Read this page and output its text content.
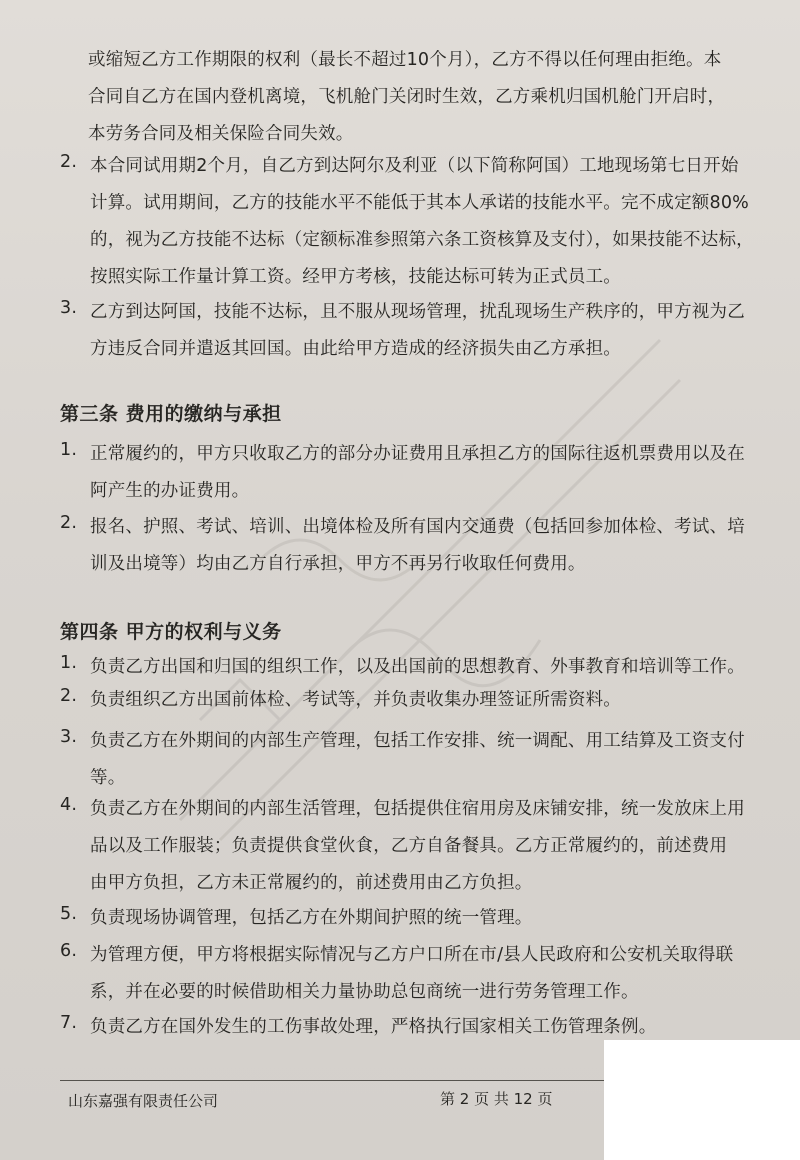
或缩短乙方工作期限的权利（最长不超过10个月），乙方不得以任何理由拒绝。本
合同自乙方在国内登机离境，飞机舱门关闭时生效，乙方乘机归国机舱门开启时，
本劳务合同及相关保险合同失效。
2. 本合同试用期2个月，自乙方到达阿尔及利亚（以下简称阿国）工地现场第七日开始
计算。试用期间，乙方的技能水平不能低于其本人承诺的技能水平。完不成定额80%
的，视为乙方技能不达标（定额标准参照第六条工资核算及支付），如果技能不达标，
按照实际工作量计算工资。经甲方考核，技能达标可转为正式员工。
3. 乙方到达阿国，技能不达标，且不服从现场管理，扰乱现场生产秩序的，甲方视为乙
方违反合同并遣返其回国。由此给甲方造成的经济损失由乙方承担。
第三条 费用的缴纳与承担
1. 正常履约的，甲方只收取乙方的部分办证费用且承担乙方的国际往返机票费用以及在
阿产生的办证费用。
2. 报名、护照、考试、培训、出境体检及所有国内交通费（包括回参加体检、考试、培
训及出境等）均由乙方自行承担，甲方不再另行收取任何费用。
第四条 甲方的权利与义务
1. 负责乙方出国和归国的组织工作，以及出国前的思想教育、外事教育和培训等工作。
2. 负责组织乙方出国前体检、考试等，并负责收集办理签证所需资料。
3. 负责乙方在外期间的内部生产管理，包括工作安排、统一调配、用工结算及工资支付
等。
4. 负责乙方在外期间的内部生活管理，包括提供住宿用房及床铺安排，统一发放床上用
品以及工作服装；负责提供食堂伙食，乙方自备餐具。乙方正常履约的，前述费用
由甲方负担，乙方未正常履约的，前述费用由乙方负担。
5. 负责现场协调管理，包括乙方在外期间护照的统一管理。
6. 为管理方便，甲方将根据实际情况与乙方户口所在市/县人民政府和公安机关取得联
系，并在必要的时候借助相关力量协助总包商统一进行劳务管理工作。
7. 负责乙方在国外发生的工伤事故处理，严格执行国家相关工伤管理条例。
山东嘉强有限责任公司	第 2 页 共 12 页
